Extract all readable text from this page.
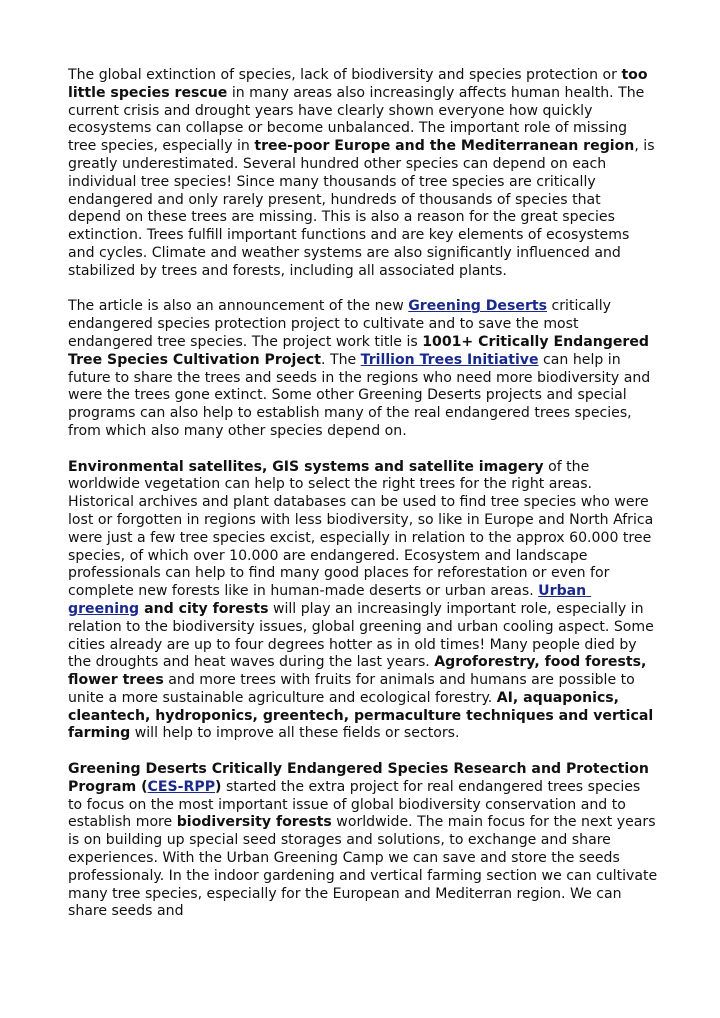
The global extinction of species, lack of biodiversity and species protection or too little species rescue in many areas also increasingly affects human health. The current crisis and drought years have clearly shown everyone how quickly ecosystems can collapse or become unbalanced. The important role of missing tree species, especially in tree-poor Europe and the Mediterranean region, is greatly underestimated. Several hundred other species can depend on each individual tree species! Since many thousands of tree species are critically endangered and only rarely present, hundreds of thousands of species that depend on these trees are missing. This is also a reason for the great species extinction. Trees fulfill important functions and are key elements of ecosystems and cycles. Climate and weather systems are also significantly influenced and stabilized by trees and forests, including all associated plants.

The article is also an announcement of the new Greening Deserts critically endangered species protection project to cultivate and to save the most endangered tree species. The project work title is 1001+ Critically Endangered Tree Species Cultivation Project. The Trillion Trees Initiative can help in future to share the trees and seeds in the regions who need more biodiversity and were the trees gone extinct. Some other Greening Deserts projects and special programs can also help to establish many of the real endangered trees species, from which also many other species depend on.

Environmental satellites, GIS systems and satellite imagery of the worldwide vegetation can help to select the right trees for the right areas. Historical archives and plant databases can be used to find tree species who were lost or forgotten in regions with less biodiversity, so like in Europe and North Africa were just a few tree species excist, especially in relation to the approx 60.000 tree species, of which over 10.000 are endangered. Ecosystem and landscape professionals can help to find many good places for reforestation or even for complete new forests like in human-made deserts or urban areas. Urban greening and city forests will play an increasingly important role, especially in relation to the biodiversity issues, global greening and urban cooling aspect. Some cities already are up to four degrees hotter as in old times! Many people died by the droughts and heat waves during the last years. Agroforestry, food forests, flower trees and more trees with fruits for animals and humans are possible to unite a more sustainable agriculture and ecological forestry. AI, aquaponics, cleantech, hydroponics, greentech, permaculture techniques and vertical farming will help to improve all these fields or sectors.

Greening Deserts Critically Endangered Species Research and Protection Program (CES-RPP) started the extra project for real endangered trees species to focus on the most important issue of global biodiversity conservation and to establish more biodiversity forests worldwide. The main focus for the next years is on building up special seed storages and solutions, to exchange and share experiences. With the Urban Greening Camp we can save and store the seeds professionaly. In the indoor gardening and vertical farming section we can cultivate many tree species, especially for the European and Mediterran region. We can share seeds and
